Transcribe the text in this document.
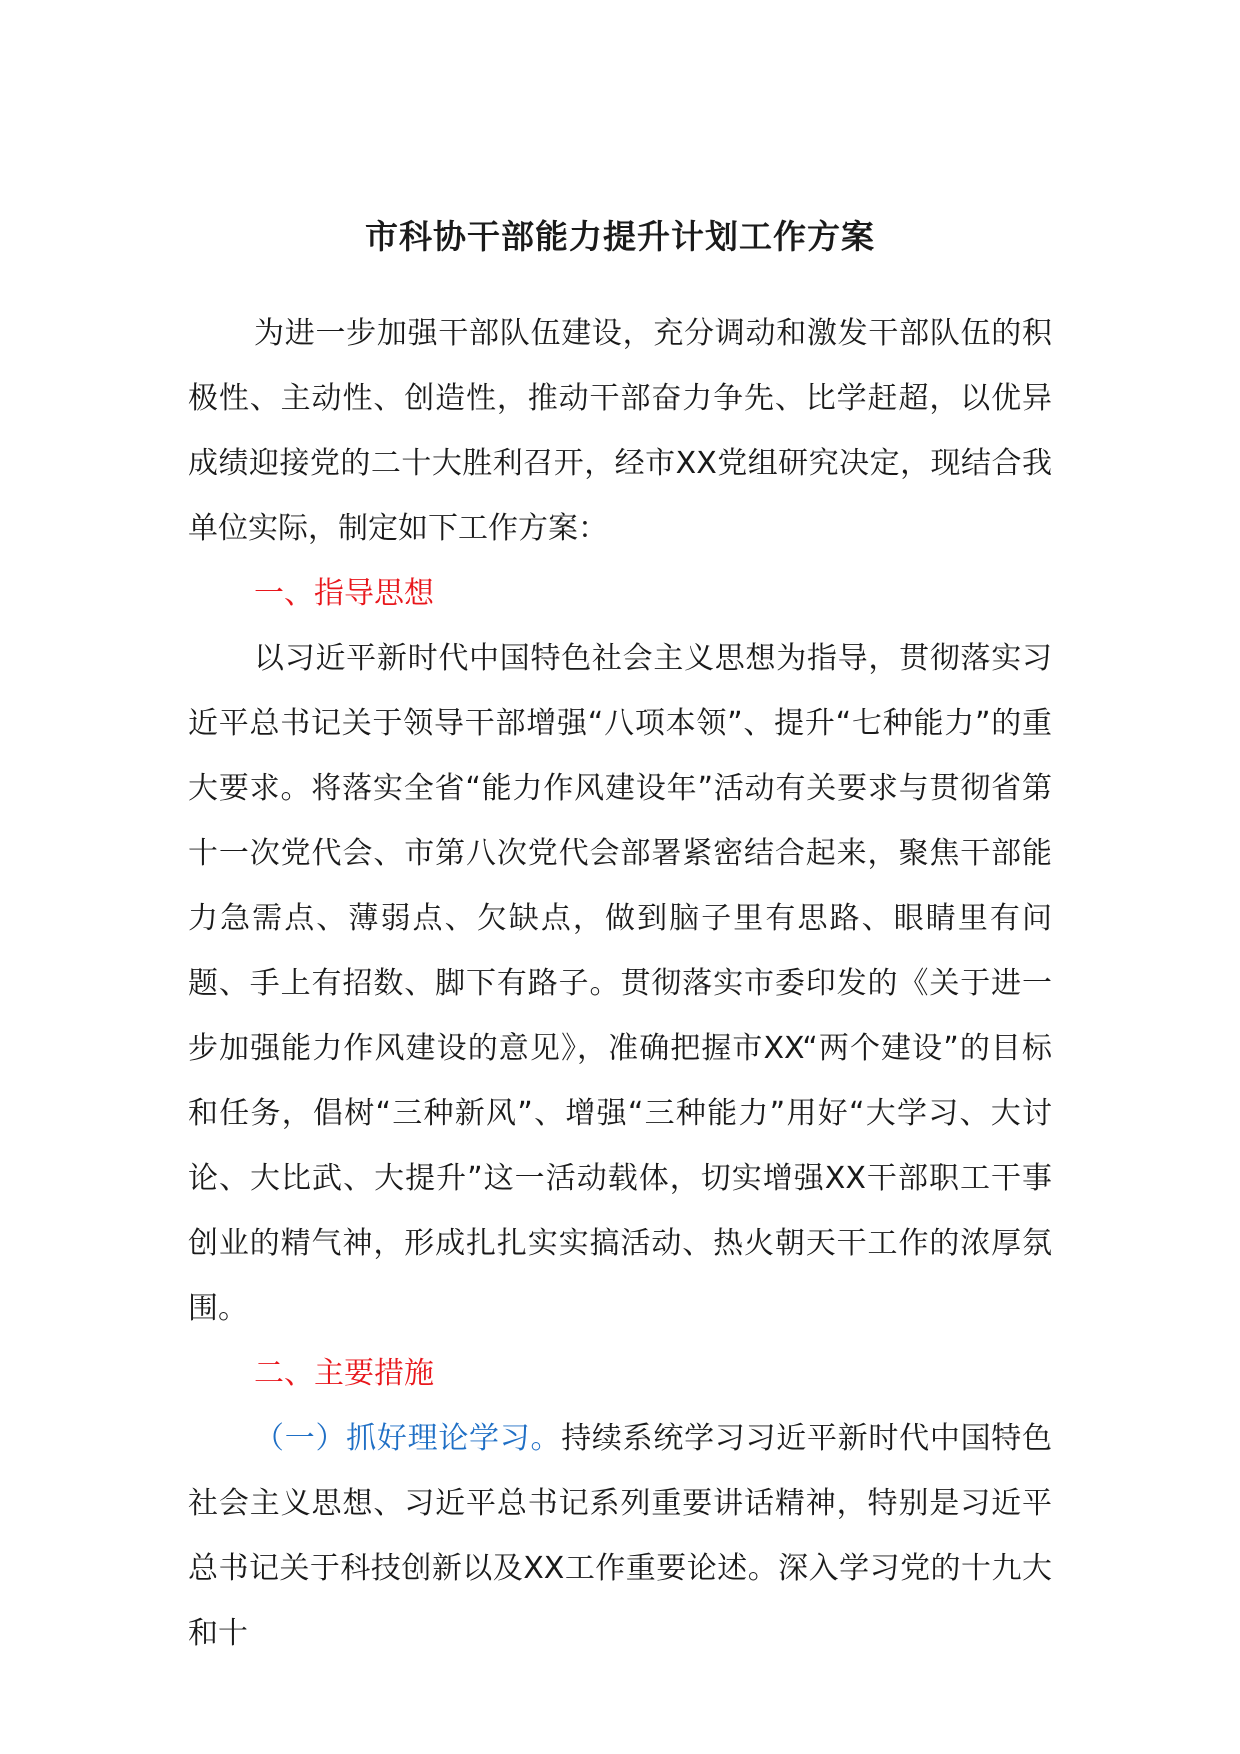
市科协干部能力提升计划工作方案

为进一步加强干部队伍建设，充分调动和激发干部队伍的积极性、主动性、创造性，推动干部奋力争先、比学赶超，以优异成绩迎接党的二十大胜利召开，经市XX党组研究决定，现结合我单位实际，制定如下工作方案：

一、指导思想

以习近平新时代中国特色社会主义思想为指导，贯彻落实习近平总书记关于领导干部增强“八项本领”、提升“七种能力”的重大要求。将落实全省“能力作风建设年”活动有关要求与贯彻省第十一次党代会、市第八次党代会部署紧密结合起来，聚焦干部能力急需点、薄弱点、欠缺点，做到脑子里有思路、眼睛里有问题、手上有招数、脚下有路子。贯彻落实市委印发的《关于进一步加强能力作风建设的意见》，准确把握市XX“两个建设”的目标和任务，倡树“三种新风”、增强“三种能力”用好“大学习、大讨论、大比武、大提升”这一活动载体，切实增强XX干部职工干事创业的精气神，形成扎扎实实搞活动、热火朝天干工作的浓厚氛围。

二、主要措施

（一）抓好理论学习。持续系统学习习近平新时代中国特色社会主义思想、习近平总书记系列重要讲话精神，特别是习近平总书记关于科技创新以及XX工作重要论述。深入学习党的十九大和十
